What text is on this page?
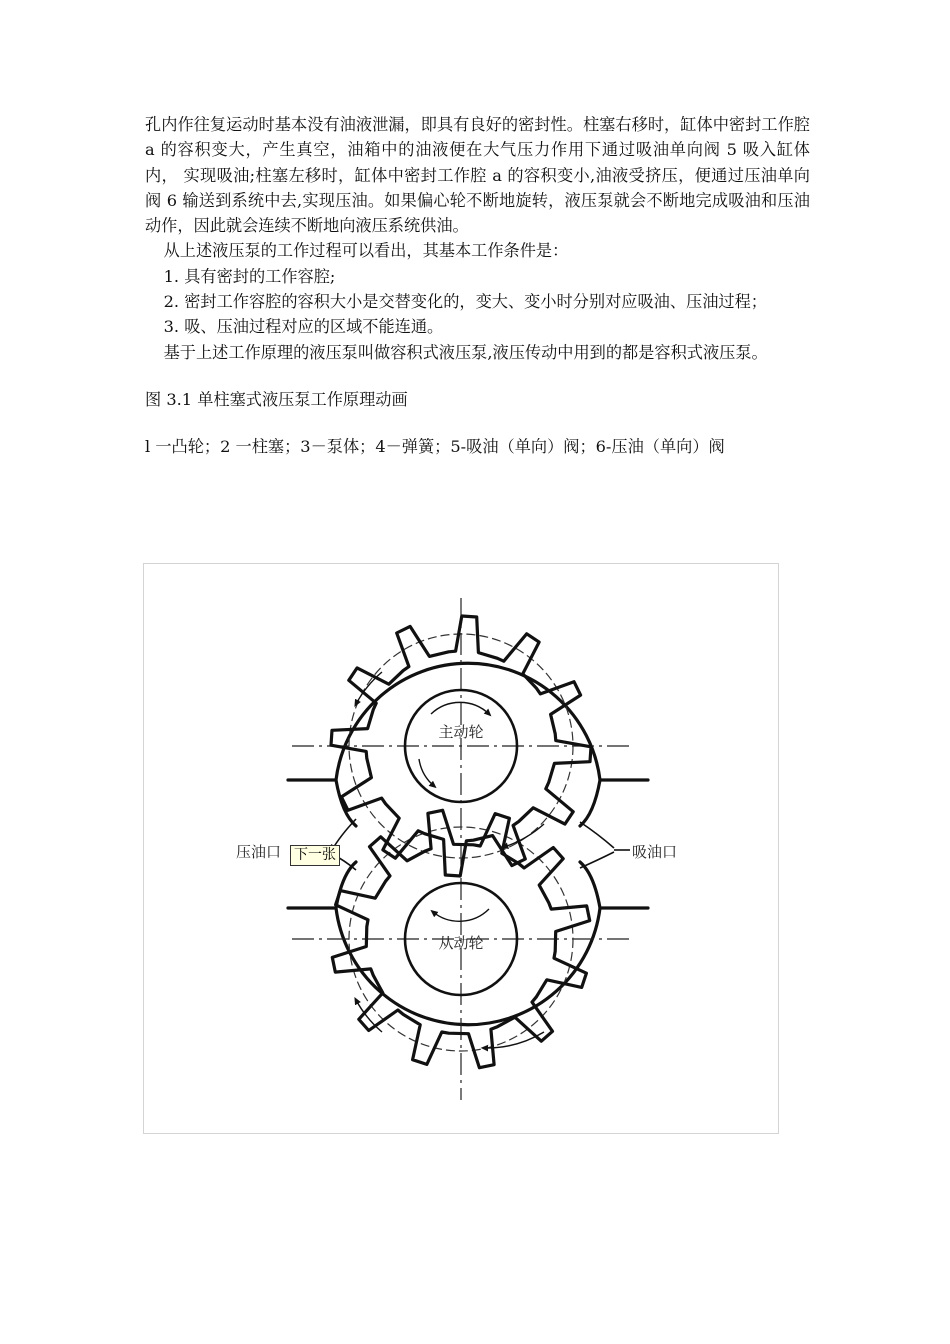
孔内作往复运动时基本没有油液泄漏，即具有良好的密封性。柱塞右移时，缸体中密封工作腔 a 的容积变大，产生真空，油箱中的油液便在大气压力作用下通过吸油单向阀 5 吸入缸体内， 实现吸油;柱塞左移时，缸体中密封工作腔 a 的容积变小,油液受挤压，便通过压油单向阀 6 输送到系统中去,实现压油。如果偏心轮不断地旋转，液压泵就会不断地完成吸油和压油动作，因此就会连续不断地向液压系统供油。

从上述液压泵的工作过程可以看出，其基本工作条件是：

1. 具有密封的工作容腔;

2. 密封工作容腔的容积大小是交替变化的，变大、变小时分别对应吸油、压油过程；

3. 吸、压油过程对应的区域不能连通。

基于上述工作原理的液压泵叫做容积式液压泵,液压传动中用到的都是容积式液压泵。

图 3.1 单柱塞式液压泵工作原理动画

l 一凸轮；2 一柱塞；3－泵体；4－弹簧；5-吸油（单向）阀；6-压油（单向）阀

主动轮
从动轮
压油口	吸油口
下一张
